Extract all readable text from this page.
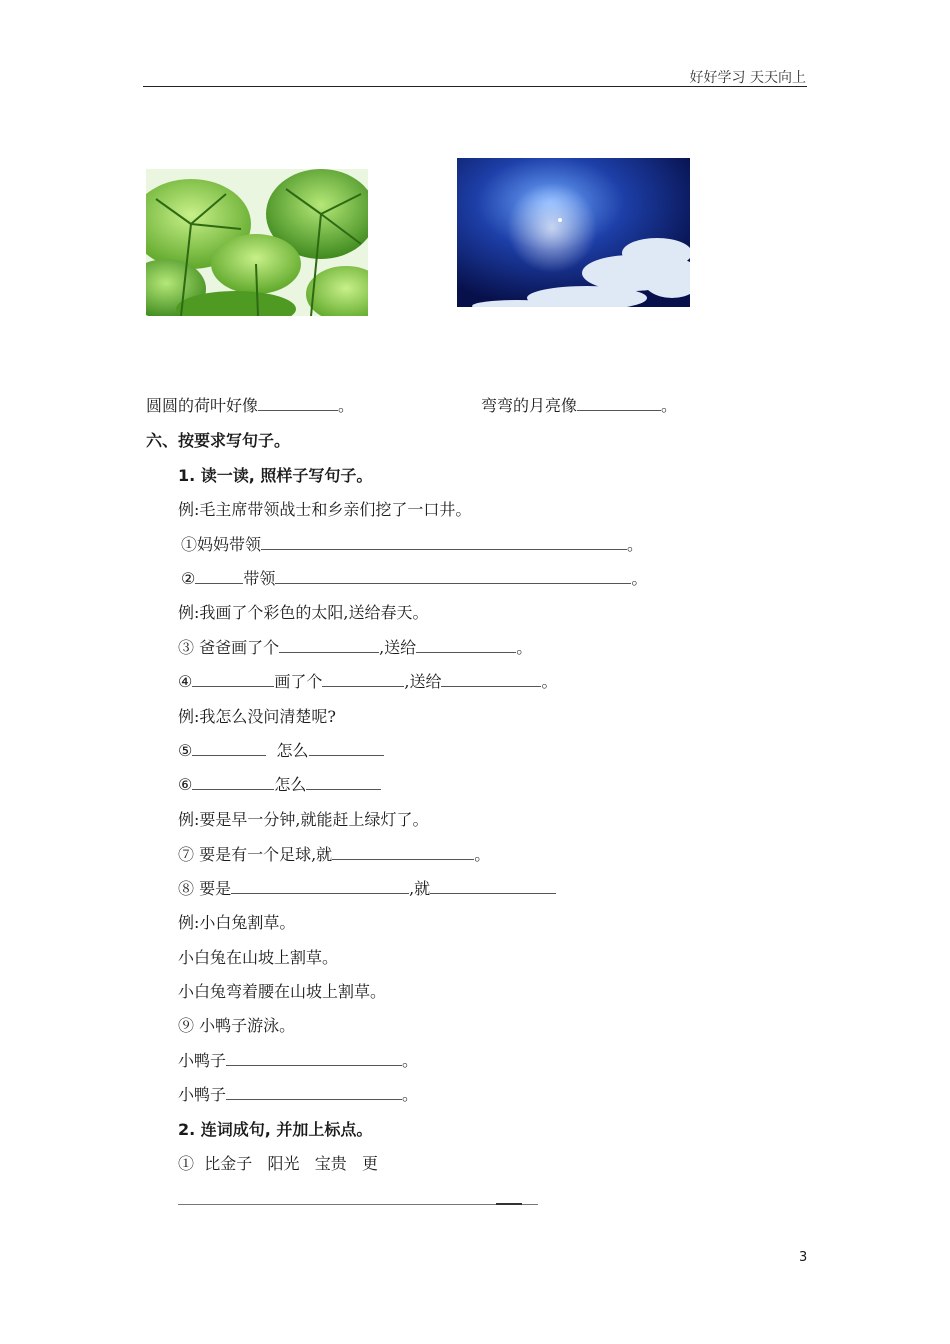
好好学习 天天向上
圆圆的荷叶好像	。	弯弯的月亮像	。
六、按要求写句子。
1. 读一读, 照样子写句子。
例:毛主席带领战士和乡亲们挖了一口井。
①妈妈带领	。
②	带领	。
例:我画了个彩色的太阳,送给春天。
③ 爸爸画了个	,送给	。
④	画了个	,送给	。
例:我怎么没问清楚呢?
⑤	怎么
⑥	怎么
例:要是早一分钟,就能赶上绿灯了。
⑦ 要是有一个足球,就	。
⑧ 要是	,就
例:小白兔割草。
小白兔在山坡上割草。
小白兔弯着腰在山坡上割草。
⑨ 小鸭子游泳。
小鸭子	。
小鸭子	。
2. 连词成句, 并加上标点。
① 比金子 阳光 宝贵 更
3
